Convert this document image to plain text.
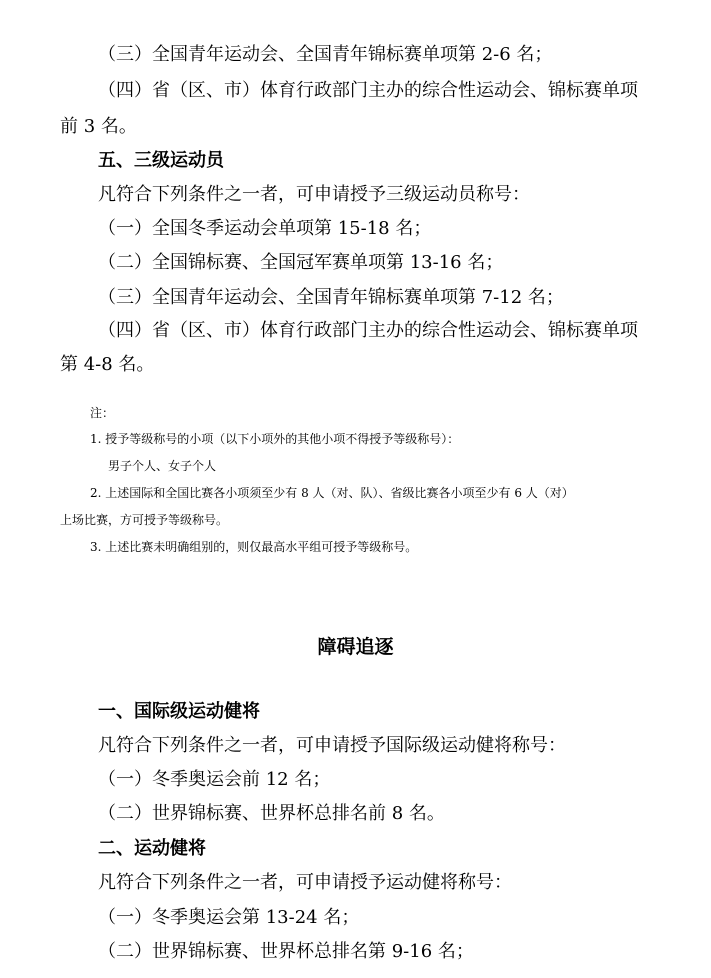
（三）全国青年运动会、全国青年锦标赛单项第 2-6 名；
（四）省（区、市）体育行政部门主办的综合性运动会、锦标赛单项
前 3 名。
五、三级运动员
凡符合下列条件之一者，可申请授予三级运动员称号：
（一）全国冬季运动会单项第 15-18 名；
（二）全国锦标赛、全国冠军赛单项第 13-16 名；
（三）全国青年运动会、全国青年锦标赛单项第 7-12 名；
（四）省（区、市）体育行政部门主办的综合性运动会、锦标赛单项
第 4-8 名。
注：
1. 授予等级称号的小项（以下小项外的其他小项不得授予等级称号）：
男子个人、女子个人
2. 上述国际和全国比赛各小项须至少有 8 人（对、队）、省级比赛各小项至少有 6 人（对）
上场比赛，方可授予等级称号。
3. 上述比赛未明确组别的，则仅最高水平组可授予等级称号。
障碍追逐
一、国际级运动健将
凡符合下列条件之一者，可申请授予国际级运动健将称号：
（一）冬季奥运会前 12 名；
（二）世界锦标赛、世界杯总排名前 8 名。
二、运动健将
凡符合下列条件之一者，可申请授予运动健将称号：
（一）冬季奥运会第 13-24 名；
（二）世界锦标赛、世界杯总排名第 9-16 名；
